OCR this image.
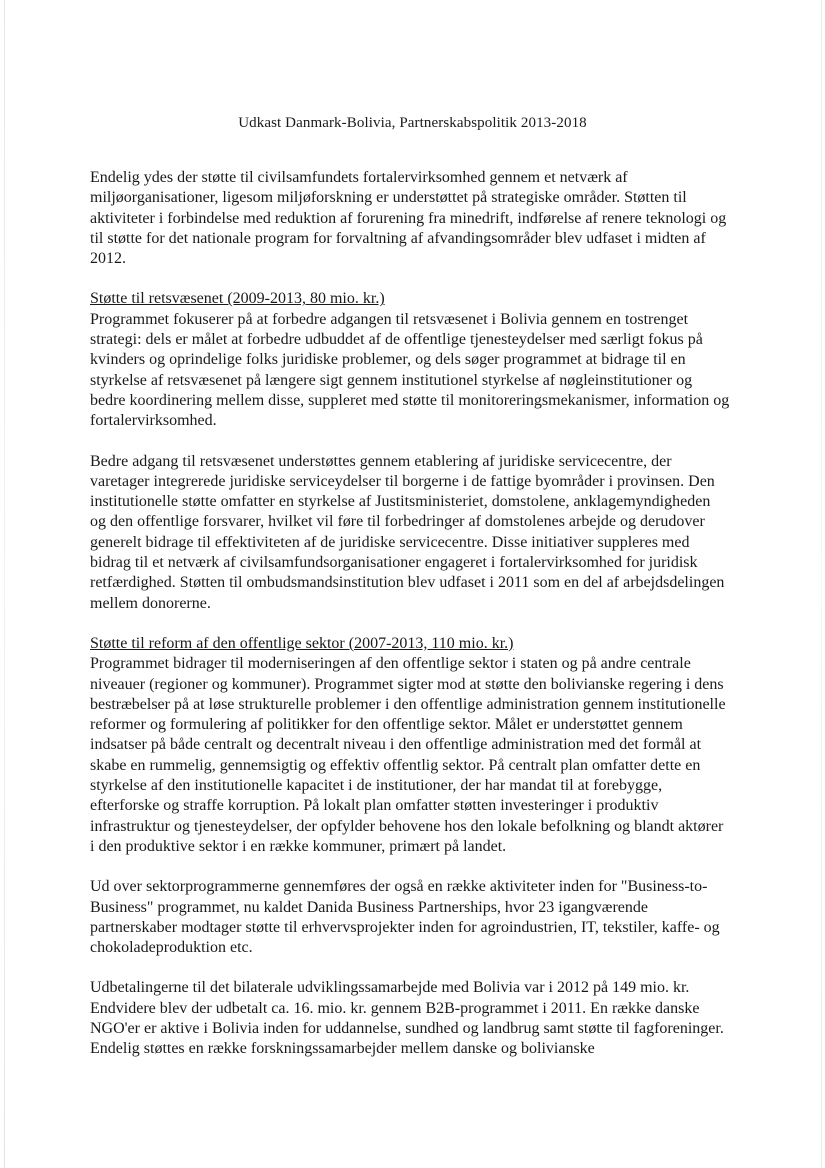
Udkast Danmark-Bolivia, Partnerskabspolitik 2013-2018

Endelig ydes der støtte til civilsamfundets fortalervirksomhed gennem et netværk af miljøorganisationer, ligesom miljøforskning er understøttet på strategiske områder. Støtten til aktiviteter i forbindelse med reduktion af forurening fra minedrift, indførelse af renere teknologi og til støtte for det nationale program for forvaltning af afvandingsområder blev udfaset i midten af 2012.

Støtte til retsvæsenet (2009-2013, 80 mio. kr.)

Programmet fokuserer på at forbedre adgangen til retsvæsenet i Bolivia gennem en tostrenget strategi: dels er målet at forbedre udbuddet af de offentlige tjenesteydelser med særligt fokus på kvinders og oprindelige folks juridiske problemer, og dels søger programmet at bidrage til en styrkelse af retsvæsenet på længere sigt gennem institutionel styrkelse af nøgleinstitutioner og bedre koordinering mellem disse, suppleret med støtte til monitoreringsmekanismer, information og fortalervirksomhed.

Bedre adgang til retsvæsenet understøttes gennem etablering af juridiske servicecentre, der varetager integrerede juridiske serviceydelser til borgerne i de fattige byområder i provinsen. Den institutionelle støtte omfatter en styrkelse af Justitsministeriet, domstolene, anklagemyndigheden og den offentlige forsvarer, hvilket vil føre til forbedringer af domstolenes arbejde og derudover generelt bidrage til effektiviteten af de juridiske servicecentre. Disse initiativer suppleres med bidrag til et netværk af civilsamfundsorganisationer engageret i fortalervirksomhed for juridisk retfærdighed. Støtten til ombudsmandsinstitution blev udfaset i 2011 som en del af arbejdsdelingen mellem donorerne.

Støtte til reform af den offentlige sektor (2007-2013, 110 mio. kr.)

Programmet bidrager til moderniseringen af den offentlige sektor i staten og på andre centrale niveauer (regioner og kommuner). Programmet sigter mod at støtte den bolivianske regering i dens bestræbelser på at løse strukturelle problemer i den offentlige administration gennem institutionelle reformer og formulering af politikker for den offentlige sektor. Målet er understøttet gennem indsatser på både centralt og decentralt niveau i den offentlige administration med det formål at skabe en rummelig, gennemsigtig og effektiv offentlig sektor. På centralt plan omfatter dette en styrkelse af den institutionelle kapacitet i de institutioner, der har mandat til at forebygge, efterforske og straffe korruption. På lokalt plan omfatter støtten investeringer i produktiv infrastruktur og tjenesteydelser, der opfylder behovene hos den lokale befolkning og blandt aktører i den produktive sektor i en række kommuner, primært på landet.

Ud over sektorprogrammerne gennemføres der også en række aktiviteter inden for "Business-to-Business" programmet, nu kaldet Danida Business Partnerships, hvor 23 igangværende partnerskaber modtager støtte til erhvervsprojekter inden for agroindustrien, IT, tekstiler, kaffe- og chokoladeproduktion etc.

Udbetalingerne til det bilaterale udviklingssamarbejde med Bolivia var i 2012 på 149 mio. kr. Endvidere blev der udbetalt ca. 16. mio. kr. gennem B2B-programmet i 2011. En række danske NGO'er er aktive i Bolivia inden for uddannelse, sundhed og landbrug samt støtte til fagforeninger. Endelig støttes en række forskningssamarbejder mellem danske og bolivianske
